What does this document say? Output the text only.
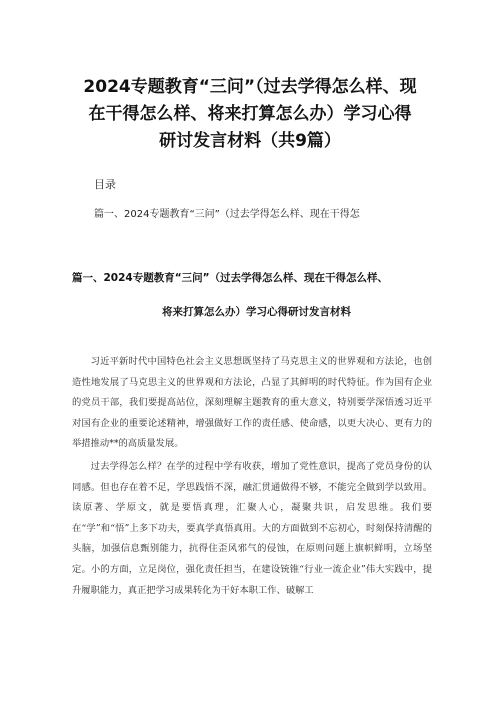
2024专题教育“三问”（过去学得怎么样、现
在干得怎么样、将来打算怎么办）学习心得
研讨发言材料（共9篇）
目录
篇一、2024专题教育“三问”（过去学得怎么样、现在干得怎
篇一、2024专题教育“三问”（过去学得怎么样、现在干得怎么样、
将来打算怎么办）学习心得研讨发言材料

习近平新时代中国特色社会主义思想既坚持了马克思主义的世界观和方法论，也创造性地发展了马克思主义的世界观和方法论，凸显了其鲜明的时代特征。作为国有企业的党员干部，我们要提高站位，深刻理解主题教育的重大意义，特别要学深悟透习近平对国有企业的重要论述精神，增强做好工作的责任感、使命感，以更大决心、更有力的举措推动**的高质量发展。

过去学得怎么样？在学的过程中学有收获，增加了党性意识，提高了党员身份的认同感。但也存在着不足，学思践悟不深，融汇贯通做得不够，不能完全做到学以致用。读原著、学原文，就是要悟真理，汇聚人心，凝聚共识，启发思维。我们要在“学”和“悟”上多下功夫，要真学真悟真用。大的方面做到不忘初心，时刻保持清醒的头脑，加强信息甄别能力，抗得住歪风邪气的侵蚀，在原则问题上旗帜鲜明，立场坚定。小的方面，立足岗位，强化责任担当，在建设铳锥“行业一流企业”伟大实践中，提升履职能力，真正把学习成果转化为干好本职工作、破解工
